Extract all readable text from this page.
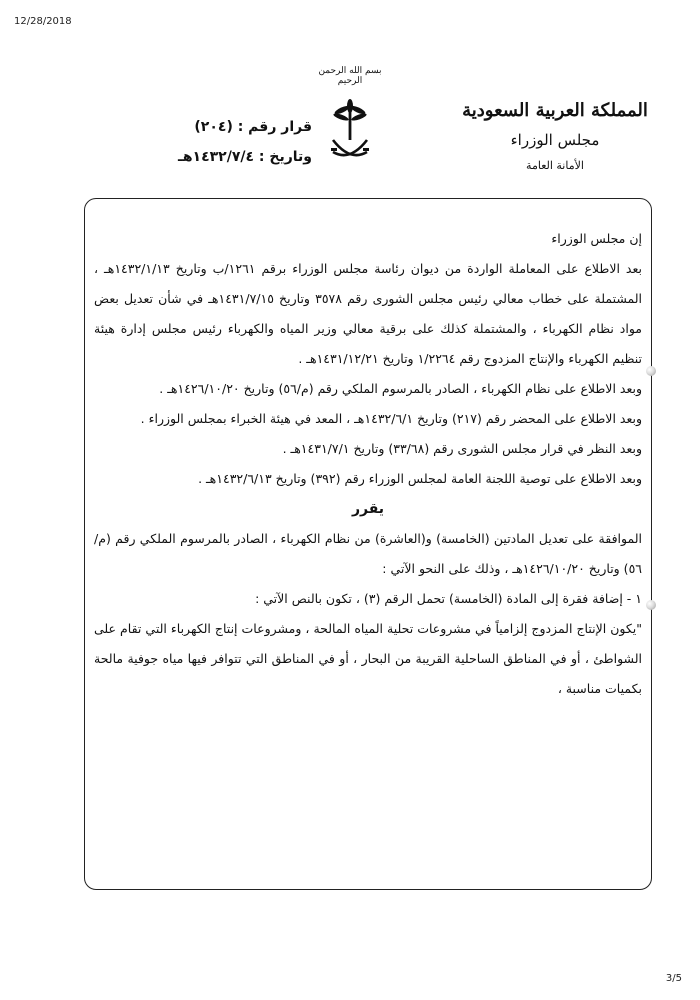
12/28/2018
بسم الله الرحمن الرحيم
المملكة العربية السعودية
مجلس الوزراء
الأمانة العامة
قرار رقم : (٢٠٤)
وتاريخ : ١٤٣٢/٧/٤هـ

إن مجلس الوزراء

بعد الاطلاع على المعاملة الواردة من ديوان رئاسة مجلس الوزراء برقم ١٢٦١/ب وتاريخ ١٤٣٢/١/١٣هـ ، المشتملة على خطاب معالي رئيس مجلس الشورى رقم ٣٥٧٨ وتاريخ ١٤٣١/٧/١٥هـ في شأن تعديل بعض مواد نظام الكهرباء ، والمشتملة كذلك على برقية معالي وزير المياه والكهرباء رئيس مجلس إدارة هيئة تنظيم الكهرباء والإنتاج المزدوج رقم ١/٢٢٦٤ وتاريخ ١٤٣١/١٢/٢١هـ .

وبعد الاطلاع على نظام الكهرباء ، الصادر بالمرسوم الملكي رقم (م/٥٦) وتاريخ ١٤٢٦/١٠/٢٠هـ .

وبعد الاطلاع على المحضر رقم (٢١٧) وتاريخ ١٤٣٢/٦/١هـ ، المعد في هيئة الخبراء بمجلس الوزراء .

وبعد النظر في قرار مجلس الشورى رقم (٣٣/٦٨) وتاريخ ١٤٣١/٧/١هـ .

وبعد الاطلاع على توصية اللجنة العامة لمجلس الوزراء رقم (٣٩٢) وتاريخ ١٤٣٢/٦/١٣هـ .

يقرر

الموافقة على تعديل المادتين (الخامسة) و(العاشرة) من نظام الكهرباء ، الصادر بالمرسوم الملكي رقم (م/٥٦) وتاريخ ١٤٢٦/١٠/٢٠هـ ، وذلك على النحو الآتي :

١ - إضافة فقرة إلى المادة (الخامسة) تحمل الرقم (٣) ، تكون بالنص الآتي :

"يكون الإنتاج المزدوج إلزامياً في مشروعات تحلية المياه المالحة ، ومشروعات إنتاج الكهرباء التي تقام على الشواطئ ، أو في المناطق الساحلية القريبة من البحار ، أو في المناطق التي تتوافر فيها مياه جوفية مالحة بكميات مناسبة ،

3/5
